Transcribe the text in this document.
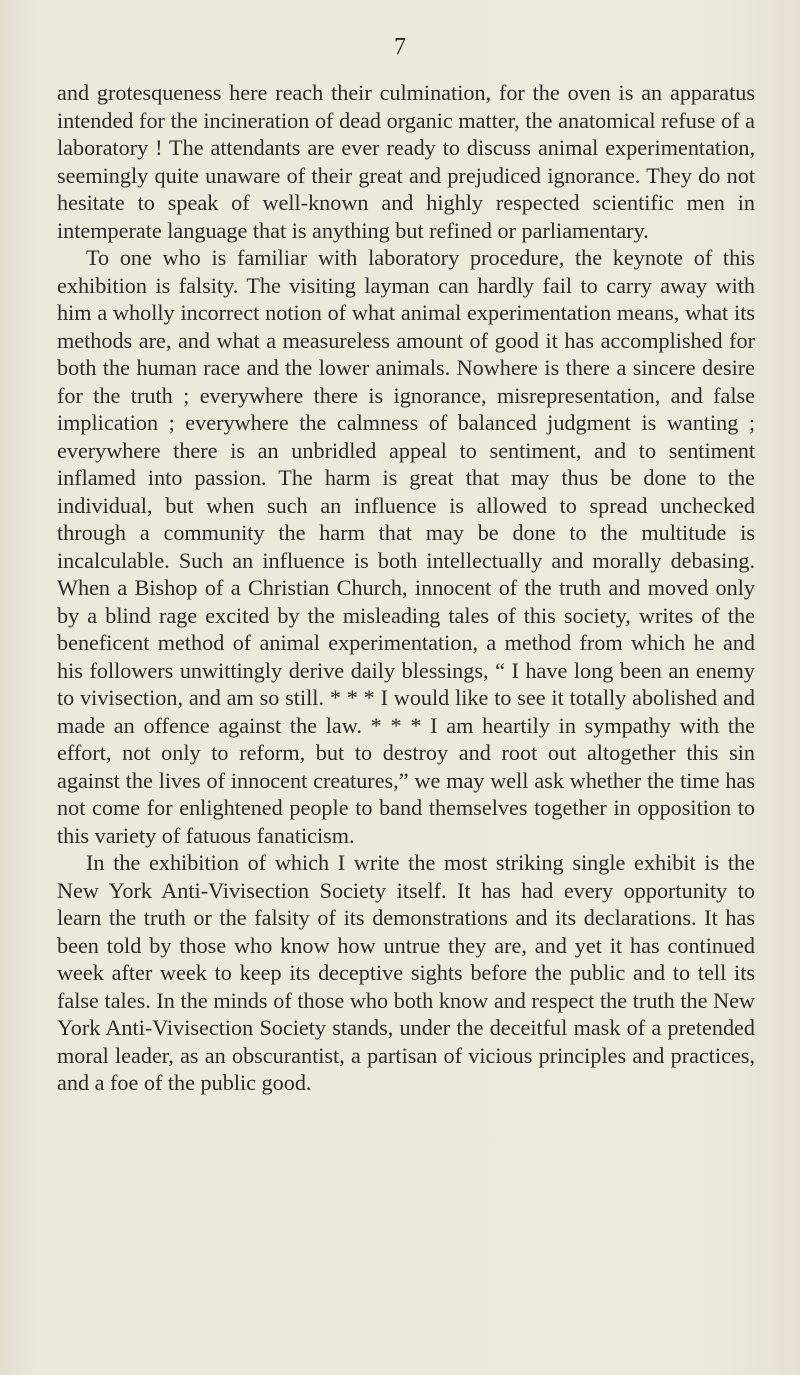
7

and grotesqueness here reach their culmination, for the oven is an apparatus intended for the incineration of dead organic matter, the anatomical refuse of a laboratory ! The attendants are ever ready to discuss animal experimentation, seemingly quite unaware of their great and prejudiced ignorance. They do not hesitate to speak of well-known and highly respected scientific men in intemperate language that is anything but refined or parliamentary.

To one who is familiar with laboratory procedure, the keynote of this exhibition is falsity. The visiting layman can hardly fail to carry away with him a wholly incorrect notion of what animal experimentation means, what its methods are, and what a measureless amount of good it has accomplished for both the human race and the lower animals. Nowhere is there a sincere desire for the truth ; everywhere there is ignorance, misrepresentation, and false implication ; everywhere the calmness of balanced judgment is wanting ; everywhere there is an unbridled appeal to sentiment, and to sentiment inflamed into passion. The harm is great that may thus be done to the individual, but when such an influence is allowed to spread unchecked through a community the harm that may be done to the multitude is incalculable. Such an influence is both intellectually and morally debasing. When a Bishop of a Christian Church, innocent of the truth and moved only by a blind rage excited by the misleading tales of this society, writes of the beneficent method of animal experimentation, a method from which he and his followers unwittingly derive daily blessings, “ I have long been an enemy to vivisection, and am so still. * * * I would like to see it totally abolished and made an offence against the law. * * * I am heartily in sympathy with the effort, not only to reform, but to destroy and root out altogether this sin against the lives of innocent creatures,” we may well ask whether the time has not come for enlightened people to band themselves together in opposition to this variety of fatuous fanaticism.

In the exhibition of which I write the most striking single exhibit is the New York Anti-Vivisection Society itself. It has had every opportunity to learn the truth or the falsity of its demonstrations and its declarations. It has been told by those who know how untrue they are, and yet it has continued week after week to keep its deceptive sights before the public and to tell its false tales. In the minds of those who both know and respect the truth the New York Anti-Vivisection Society stands, under the deceitful mask of a pretended moral leader, as an obscurantist, a partisan of vicious principles and practices, and a foe of the public good.
